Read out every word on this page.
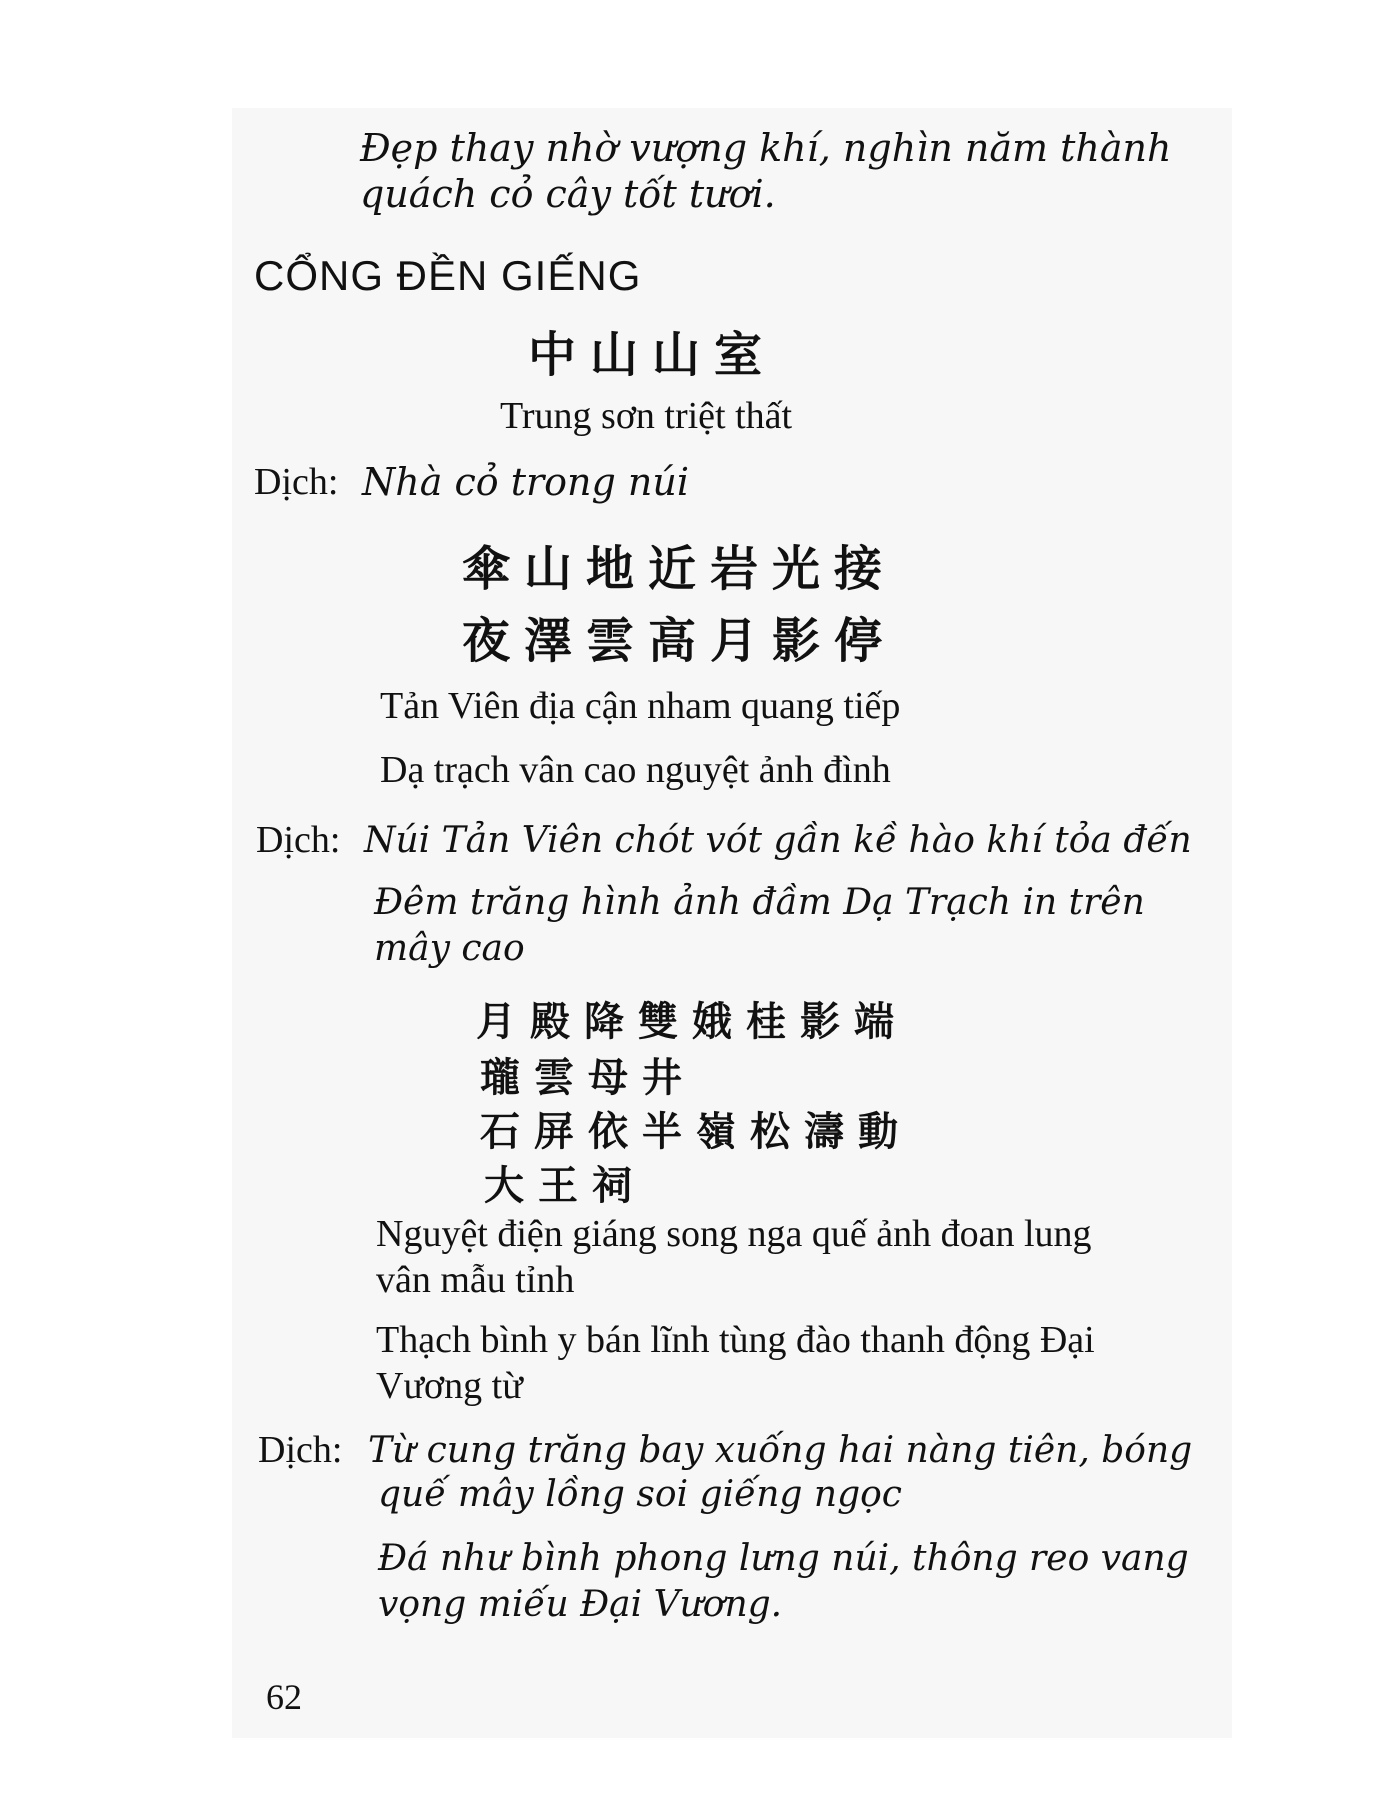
Đẹp thay nhờ vượng khí, nghìn năm thành
quách cỏ cây tốt tươi.
CỔNG ĐỀN GIẾNG
中山山室
Trung sơn triệt thất
Dịch: Nhà cỏ trong núi
傘山地近岩光接
夜澤雲高月影停
Tản Viên địa cận nham quang tiếp
Dạ trạch vân cao nguyệt ảnh đình
Dịch: Núi Tản Viên chót vót gần kề hào khí tỏa đến
Đêm trăng hình ảnh đầm Dạ Trạch in trên
mây cao
月殿降雙娥桂影端
瓏雲母井
石屏依半嶺松濤動
大王祠
Nguyệt điện giáng song nga quế ảnh đoan lung
vân mẫu tỉnh
Thạch bình y bán lĩnh tùng đào thanh động Đại
Vương từ
Dịch: Từ cung trăng bay xuống hai nàng tiên, bóng
quế mây lồng soi giếng ngọc
Đá như bình phong lưng núi, thông reo vang
vọng miếu Đại Vương.
62
